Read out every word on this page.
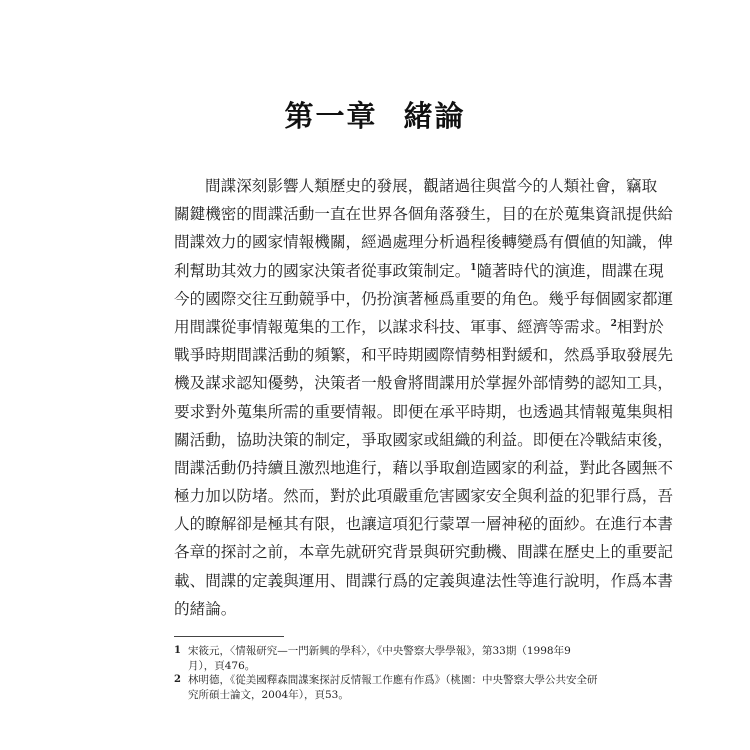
第一章 緒論
間諜深刻影響人類歷史的發展，觀諸過往與當今的人類社會，竊取
關鍵機密的間諜活動一直在世界各個角落發生，目的在於蒐集資訊提供給
間諜效力的國家情報機關，經過處理分析過程後轉變爲有價値的知識，俾
利幫助其效力的國家決策者從事政策制定。$^1$隨著時代的演進，間諜在現
今的國際交往互動競爭中，仍扮演著極爲重要的角色。幾乎每個國家都運
用間諜從事情報蒐集的工作，以謀求科技、軍事、經濟等需求。$^2$相對於
戰爭時期間諜活動的頻繁，和平時期國際情勢相對緩和，然爲爭取發展先
機及謀求認知優勢，決策者一般會將間諜用於掌握外部情勢的認知工具，
要求對外蒐集所需的重要情報。即便在承平時期，也透過其情報蒐集與相
關活動，協助決策的制定，爭取國家或組織的利益。即便在冷戰結束後，
間諜活動仍持續且激烈地進行，藉以爭取創造國家的利益，對此各國無不
極力加以防堵。然而，對於此項嚴重危害國家安全與利益的犯罪行爲，吾
人的瞭解卻是極其有限，也讓這項犯行蒙罩一層神秘的面紗。在進行本書
各章的探討之前，本章先就研究背景與研究動機、間諜在歷史上的重要記
載、間諜的定義與運用、間諜行爲的定義與違法性等進行說明，作爲本書
的緒論。
1 宋筱元，〈情報研究—一門新興的學科〉，《中央警察大學學報》，第33期（1998年9
月），頁476。
2 林明德，《從美國釋森間諜案探討反情報工作應有作爲》（桃園：中央警察大學公共安全研
究所碩士論文，2004年），頁53。
